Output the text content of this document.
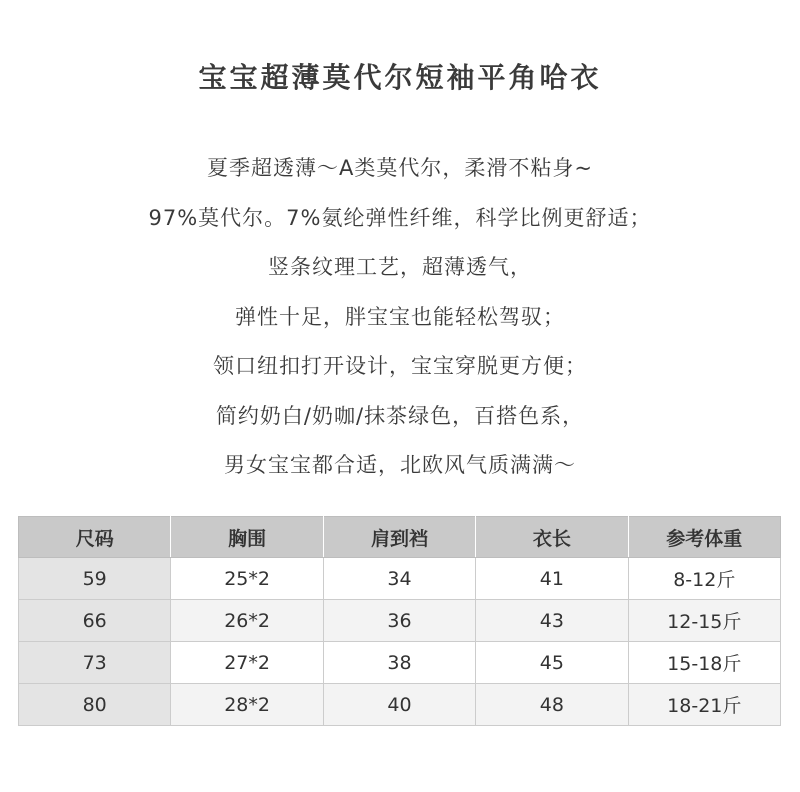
宝宝超薄莫代尔短袖平角哈衣
夏季超透薄～A类莫代尔，柔滑不粘身~
97%莫代尔。7%氨纶弹性纤维，科学比例更舒适；
竖条纹理工艺，超薄透气，
弹性十足，胖宝宝也能轻松驾驭；
领口纽扣打开设计，宝宝穿脱更方便；
简约奶白/奶咖/抹茶绿色，百搭色系，
男女宝宝都合适，北欧风气质满满～
尺码	胸围	肩到裆	衣长	参考体重
59	25*2	34	41	8-12斤
66	26*2	36	43	12-15斤
73	27*2	38	45	15-18斤
80	28*2	40	48	18-21斤
